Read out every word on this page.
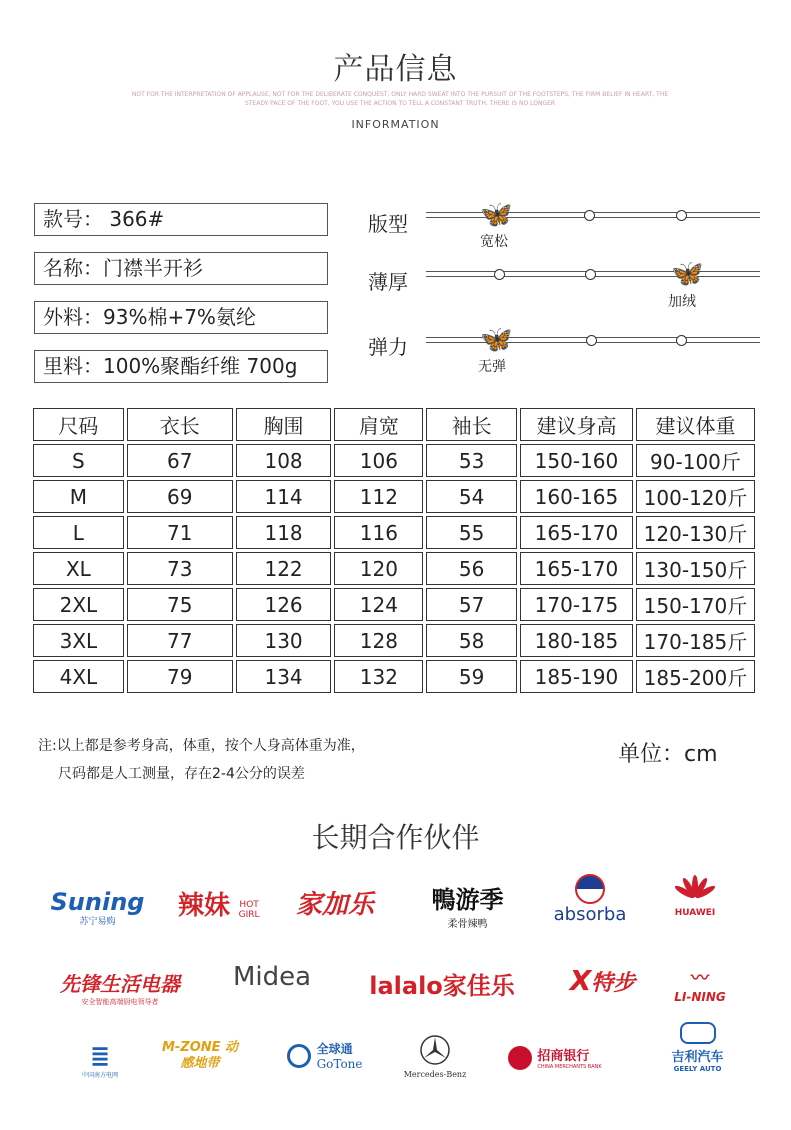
产品信息
NOT FOR THE INTERPRETATION OF APPLAUSE, NOT FOR THE DELIBERATE CONQUEST, ONLY HARD SWEAT INTO THE PURSUIT OF THE FOOTSTEPS, THE FIRM BELIEF IN HEART, THE STEADY PACE OF THE FOOT, YOU USE THE ACTION TO TELL A CONSTANT TRUTH, THERE IS NO LONGER
INFORMATION
款号： 366#
名称：门襟半开衫
外料：93%棉+7%氨纶
里料：100%聚酯纤维 700g
版型	🦋
宽松
薄厚	🦋
加绒
弹力	🦋
无弹
尺码	衣长	胸围	肩宽	袖长	建议身高	建议体重
S	67	108	106	53	150-160	90-100斤
M	69	114	112	54	160-165	100-120斤
L	71	118	116	55	165-170	120-130斤
XL	73	122	120	56	165-170	130-150斤
2XL	75	126	124	57	170-175	150-170斤
3XL	77	130	128	58	180-185	170-185斤
4XL	79	134	132	59	185-190	185-200斤
注:以上都是参考身高，体重，按个人身高体重为准，
尺码都是人工测量，存在2-4公分的误差
单位：cm
长期合作伙伴
Suning
苏宁易购
辣妹 HOT GIRL	家加乐	鴨游季
柔骨辣鸭	absorba	HUAWEI
先锋生活电器
安全智能高端厨电领导者
Midea	lalalo家佳乐	X特步	〰
LI-NING
≣
中国南方电网
M-ZONE 动感地带

全球通
GoTone
Mercedes-Benz

招商银行
CHINA MERCHANTS BANK
吉利汽车
GEELY AUTO
